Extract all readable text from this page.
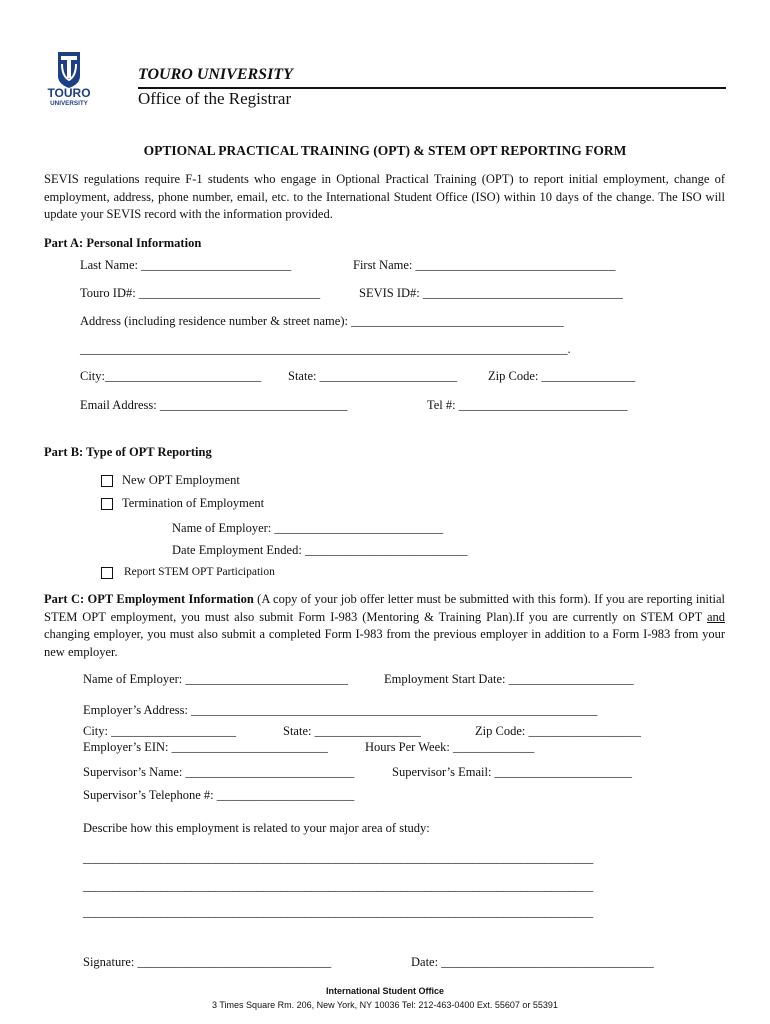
TOURO
UNIVERSITY
TOURO UNIVERSITY
Office of the Registrar
OPTIONAL PRACTICAL TRAINING (OPT) & STEM OPT REPORTING FORM
SEVIS regulations require F-1 students who engage in Optional Practical Training (OPT) to report initial employment, change of employment, address, phone number, email, etc. to the International Student Office (ISO) within 10 days of the change. The ISO will update your SEVIS record with the information provided.
Part A: Personal Information
Last Name: ________________________	First Name: ________________________________
Touro ID#: _____________________________	SEVIS ID#: ________________________________
Address (including residence number & street name): __________________________________
______________________________________________________________________________.
City:_________________________ State: ______________________ Zip Code: _______________
Email Address: ______________________________	Tel #: ___________________________
Part B: Type of OPT Reporting
New OPT Employment
Termination of Employment
Name of Employer: ___________________________
Date Employment Ended: __________________________
Report STEM OPT Participation
Part C: OPT Employment Information (A copy of your job offer letter must be submitted with this form). If you are reporting initial STEM OPT employment, you must also submit Form I-983 (Mentoring & Training Plan).If you are currently on STEM OPT and changing employer, you must also submit a completed Form I-983 from the previous employer in addition to a Form I-983 from your new employer.
Name of Employer: __________________________	Employment Start Date: ____________________
Employer’s Address: _________________________________________________________________
City: ____________________	State: _________________	Zip Code: __________________
Employer’s EIN: _________________________	Hours Per Week: _____________
Supervisor’s Name: ___________________________	Supervisor’s Email: ______________________
Supervisor’s Telephone #: ______________________
Describe how this employment is related to your major area of study:
_____________________________________________________________________________________
_____________________________________________________________________________________
_____________________________________________________________________________________
Signature: _______________________________	Date: __________________________________
International Student Office
3 Times Square Rm. 206, New York, NY 10036 Tel: 212-463-0400 Ext. 55607 or 55391
